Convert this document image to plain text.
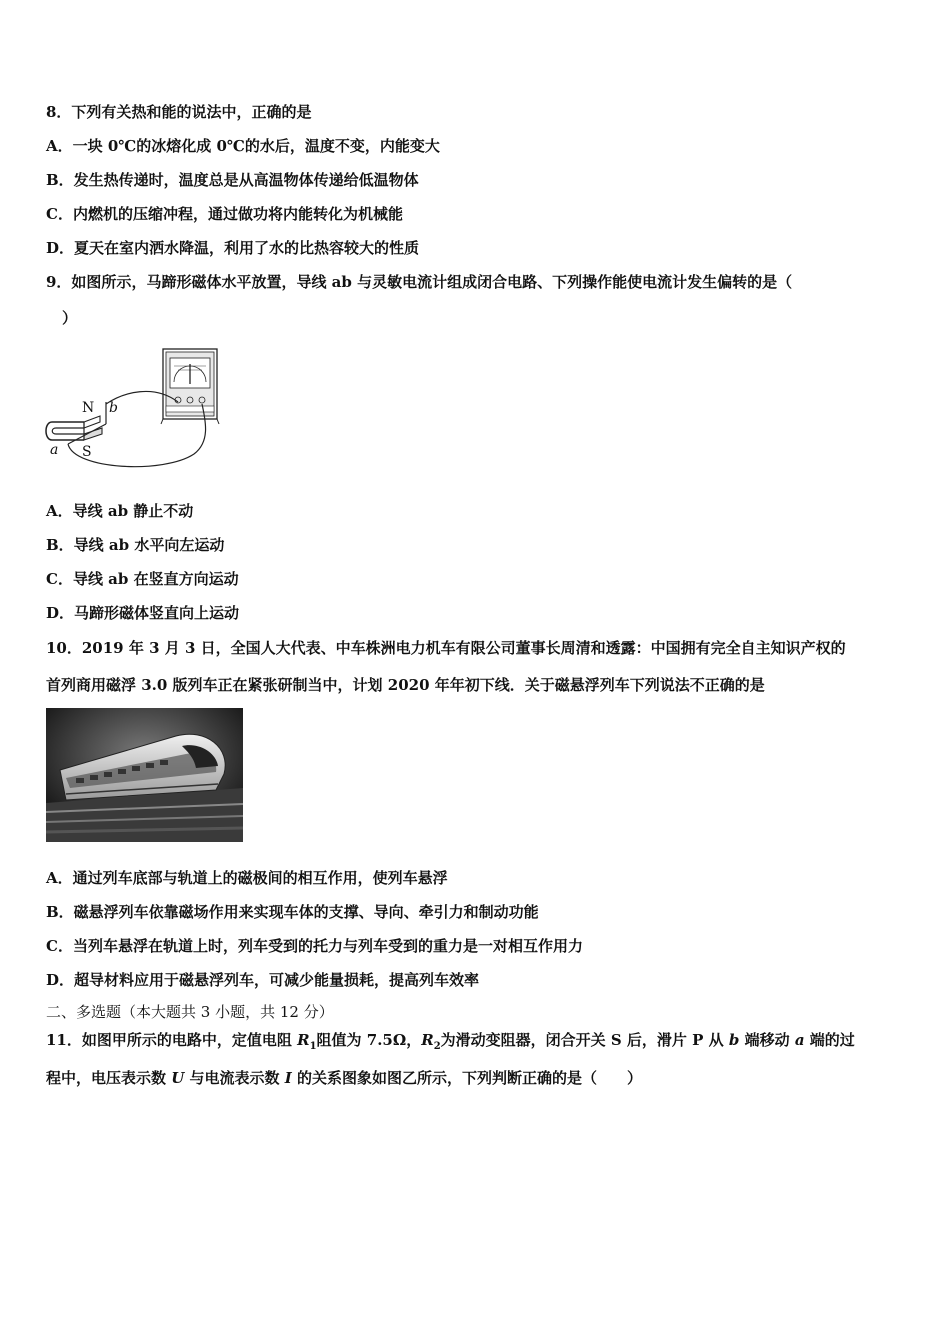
8．下列有关热和能的说法中，正确的是
A．一块 0℃的冰熔化成 0℃的水后，温度不变，内能变大
B．发生热传递时，温度总是从高温物体传递给低温物体
C．内燃机的压缩冲程，通过做功将内能转化为机械能
D．夏天在室内洒水降温，利用了水的比热容较大的性质
9．如图所示，马蹄形磁体水平放置，导线 ab 与灵敏电流计组成闭合电路、下列操作能使电流计发生偏转的是（
）
N b
a S
A．导线 ab 静止不动
B．导线 ab 水平向左运动
C．导线 ab 在竖直方向运动
D．马蹄形磁体竖直向上运动
10．2019 年 3 月 3 日，全国人大代表、中车株洲电力机车有限公司董事长周清和透露：中国拥有完全自主知识产权的
首列商用磁浮 3.0 版列车正在紧张研制当中，计划 2020 年年初下线．关于磁悬浮列车下列说法不正确的是
A．通过列车底部与轨道上的磁极间的相互作用，使列车悬浮
B．磁悬浮列车依靠磁场作用来实现车体的支撑、导向、牵引力和制动功能
C．当列车悬浮在轨道上时，列车受到的托力与列车受到的重力是一对相互作用力
D．超导材料应用于磁悬浮列车，可减少能量损耗，提高列车效率
二、多选题（本大题共 3 小题，共 12 分）
11．如图甲所示的电路中，定值电阻 $R_1$阻值为 7.5Ω，$R_2$为滑动变阻器，闭合开关 S 后，滑片 P 从 b 端移动 a 端的过
程中，电压表示数 U 与电流表示数 I 的关系图象如图乙所示，下列判断正确的是（　　）
